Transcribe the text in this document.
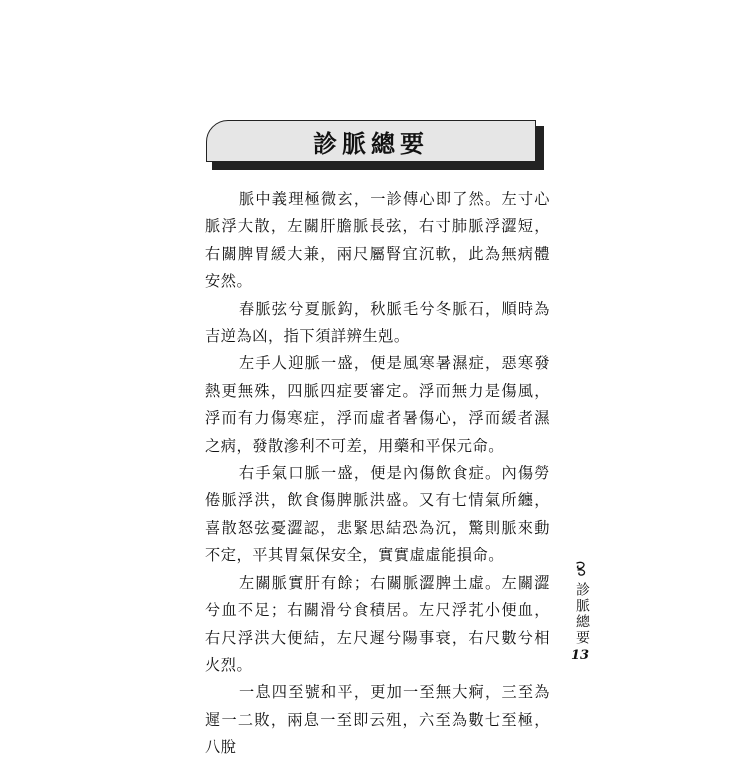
診脈總要

脈中義理極微玄，一診傳心即了然。左寸心脈浮大散，左關肝膽脈長弦，右寸肺脈浮澀短，右關脾胃緩大兼，兩尺屬腎宜沉軟，此為無病體安然。

春脈弦兮夏脈鈎，秋脈毛兮冬脈石，順時為吉逆為凶，指下須詳辨生剋。

左手人迎脈一盛，便是風寒暑濕症，惡寒發熱更無殊，四脈四症要審定。浮而無力是傷風，浮而有力傷寒症，浮而虛者暑傷心，浮而緩者濕之病，發散滲利不可差，用藥和平保元命。

右手氣口脈一盛，便是內傷飲食症。內傷勞倦脈浮洪，飲食傷脾脈洪盛。又有七情氣所纏，喜散怒弦憂澀認，悲緊思結恐為沉，驚則脈來動不定，平其胃氣保安全，實實虛虛能損命。

左關脈實肝有餘；右關脈澀脾土虛。左關澀兮血不足；右關滑兮食積居。左尺浮芤小便血，右尺浮洪大便結，左尺遲兮陽事衰，右尺數兮相火烈。

一息四至號和平，更加一至無大痾，三至為遲一二敗，兩息一至即云殂，六至為數七至極，八脫

診脈總要
13
